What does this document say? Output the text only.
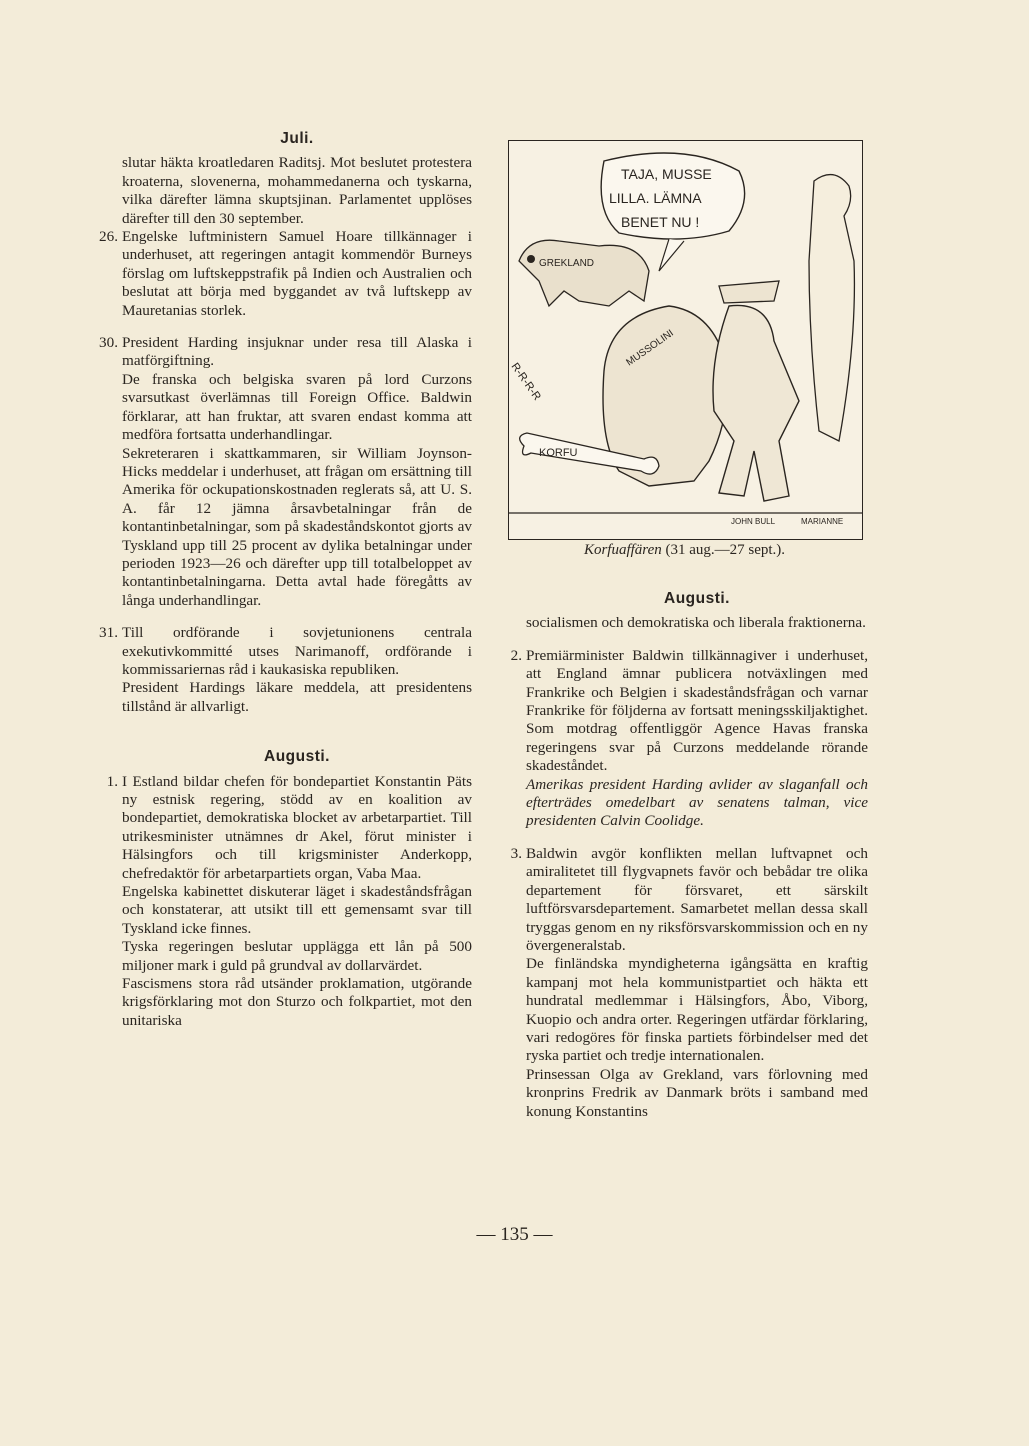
Juli.

slutar häkta kroatledaren Raditsj. Mot beslutet protestera kroaterna, slovenerna, mohammedanerna och tyskarna, vilka därefter lämna skuptsjinan. Parlamentet upplöses därefter till den 30 september.

26. Engelske luftministern Samuel Hoare tillkännager i underhuset, att regeringen antagit kommendör Burneys förslag om luftskeppstrafik på Indien och Australien och beslutat att börja med byggandet av två luftskepp av Mauretanias storlek.

30. President Harding insjuknar under resa till Alaska i matförgiftning.

De franska och belgiska svaren på lord Curzons svarsutkast överlämnas till Foreign Office. Baldwin förklarar, att han fruktar, att svaren endast komma att medföra fortsatta underhandlingar.

Sekreteraren i skattkammaren, sir William Joynson-Hicks meddelar i underhuset, att frågan om ersättning till Amerika för ockupationskostnaden reglerats så, att U. S. A. får 12 jämna årsavbetalningar från de kontantinbetalningar, som på skadeståndskontot gjorts av Tyskland upp till 25 procent av dylika betalningar under perioden 1923—26 och därefter upp till totalbeloppet av kontantinbetalningarna. Detta avtal hade föregåtts av långa underhandlingar.

31. Till ordförande i sovjetunionens centrala exekutivkommitté utses Narimanoff, ordförande i kommissariernas råd i kaukasiska republiken.

President Hardings läkare meddela, att presidentens tillstånd är allvarligt.

Augusti.
1. I Estland bildar chefen för bondepartiet Konstantin Päts ny estnisk regering, stödd av en koalition av bondepartiet, demokratiska blocket av arbetarpartiet. Till utrikesminister utnämnes dr Akel, förut minister i Hälsingfors och till krigsminister Anderkopp, chefredaktör för arbetarpartiets organ, Vaba Maa.

Engelska kabinettet diskuterar läget i skadeståndsfrågan och konstaterar, att utsikt till ett gemensamt svar till Tyskland icke finnes.

Tyska regeringen beslutar upplägga ett lån på 500 miljoner mark i guld på grundval av dollarvärdet.

Fascismens stora råd utsänder proklamation, utgörande krigsförklaring mot don Sturzo och folkpartiet, mot den unitariska

TAJA, MUSSE
LILLA. LÄMNA
BENET NU !
GREKLAND
MUSSOLINI
R-R-R-R
KORFU
JOHN BULL	MARIANNE
Korfuaffären (31 aug.—27 sept.).
Augusti.

socialismen och demokratiska och liberala fraktionerna.

2. Premiärminister Baldwin tillkännagiver i underhuset, att England ämnar publicera notväxlingen med Frankrike och Belgien i skadeståndsfrågan och varnar Frankrike för följderna av fortsatt meningsskiljaktighet. Som motdrag offentliggör Agence Havas franska regeringens svar på Curzons meddelande rörande skadeståndet.

Amerikas president Harding avlider av slaganfall och efterträdes omedelbart av senatens talman, vice presidenten Calvin Coolidge.

3. Baldwin avgör konflikten mellan luftvapnet och amiralitetet till flygvapnets favör och bebådar tre olika departement för försvaret, ett särskilt luftförsvarsdepartement. Samarbetet mellan dessa skall tryggas genom en ny riksförsvarskommission och en ny övergeneralstab.

De finländska myndigheterna igångsätta en kraftig kampanj mot hela kommunistpartiet och häkta ett hundratal medlemmar i Hälsingfors, Åbo, Viborg, Kuopio och andra orter. Regeringen utfärdar förklaring, vari redogöres för finska partiets förbindelser med det ryska partiet och tredje internationalen.

Prinsessan Olga av Grekland, vars förlovning med kronprins Fredrik av Danmark bröts i samband med konung Konstantins

— 135 —
